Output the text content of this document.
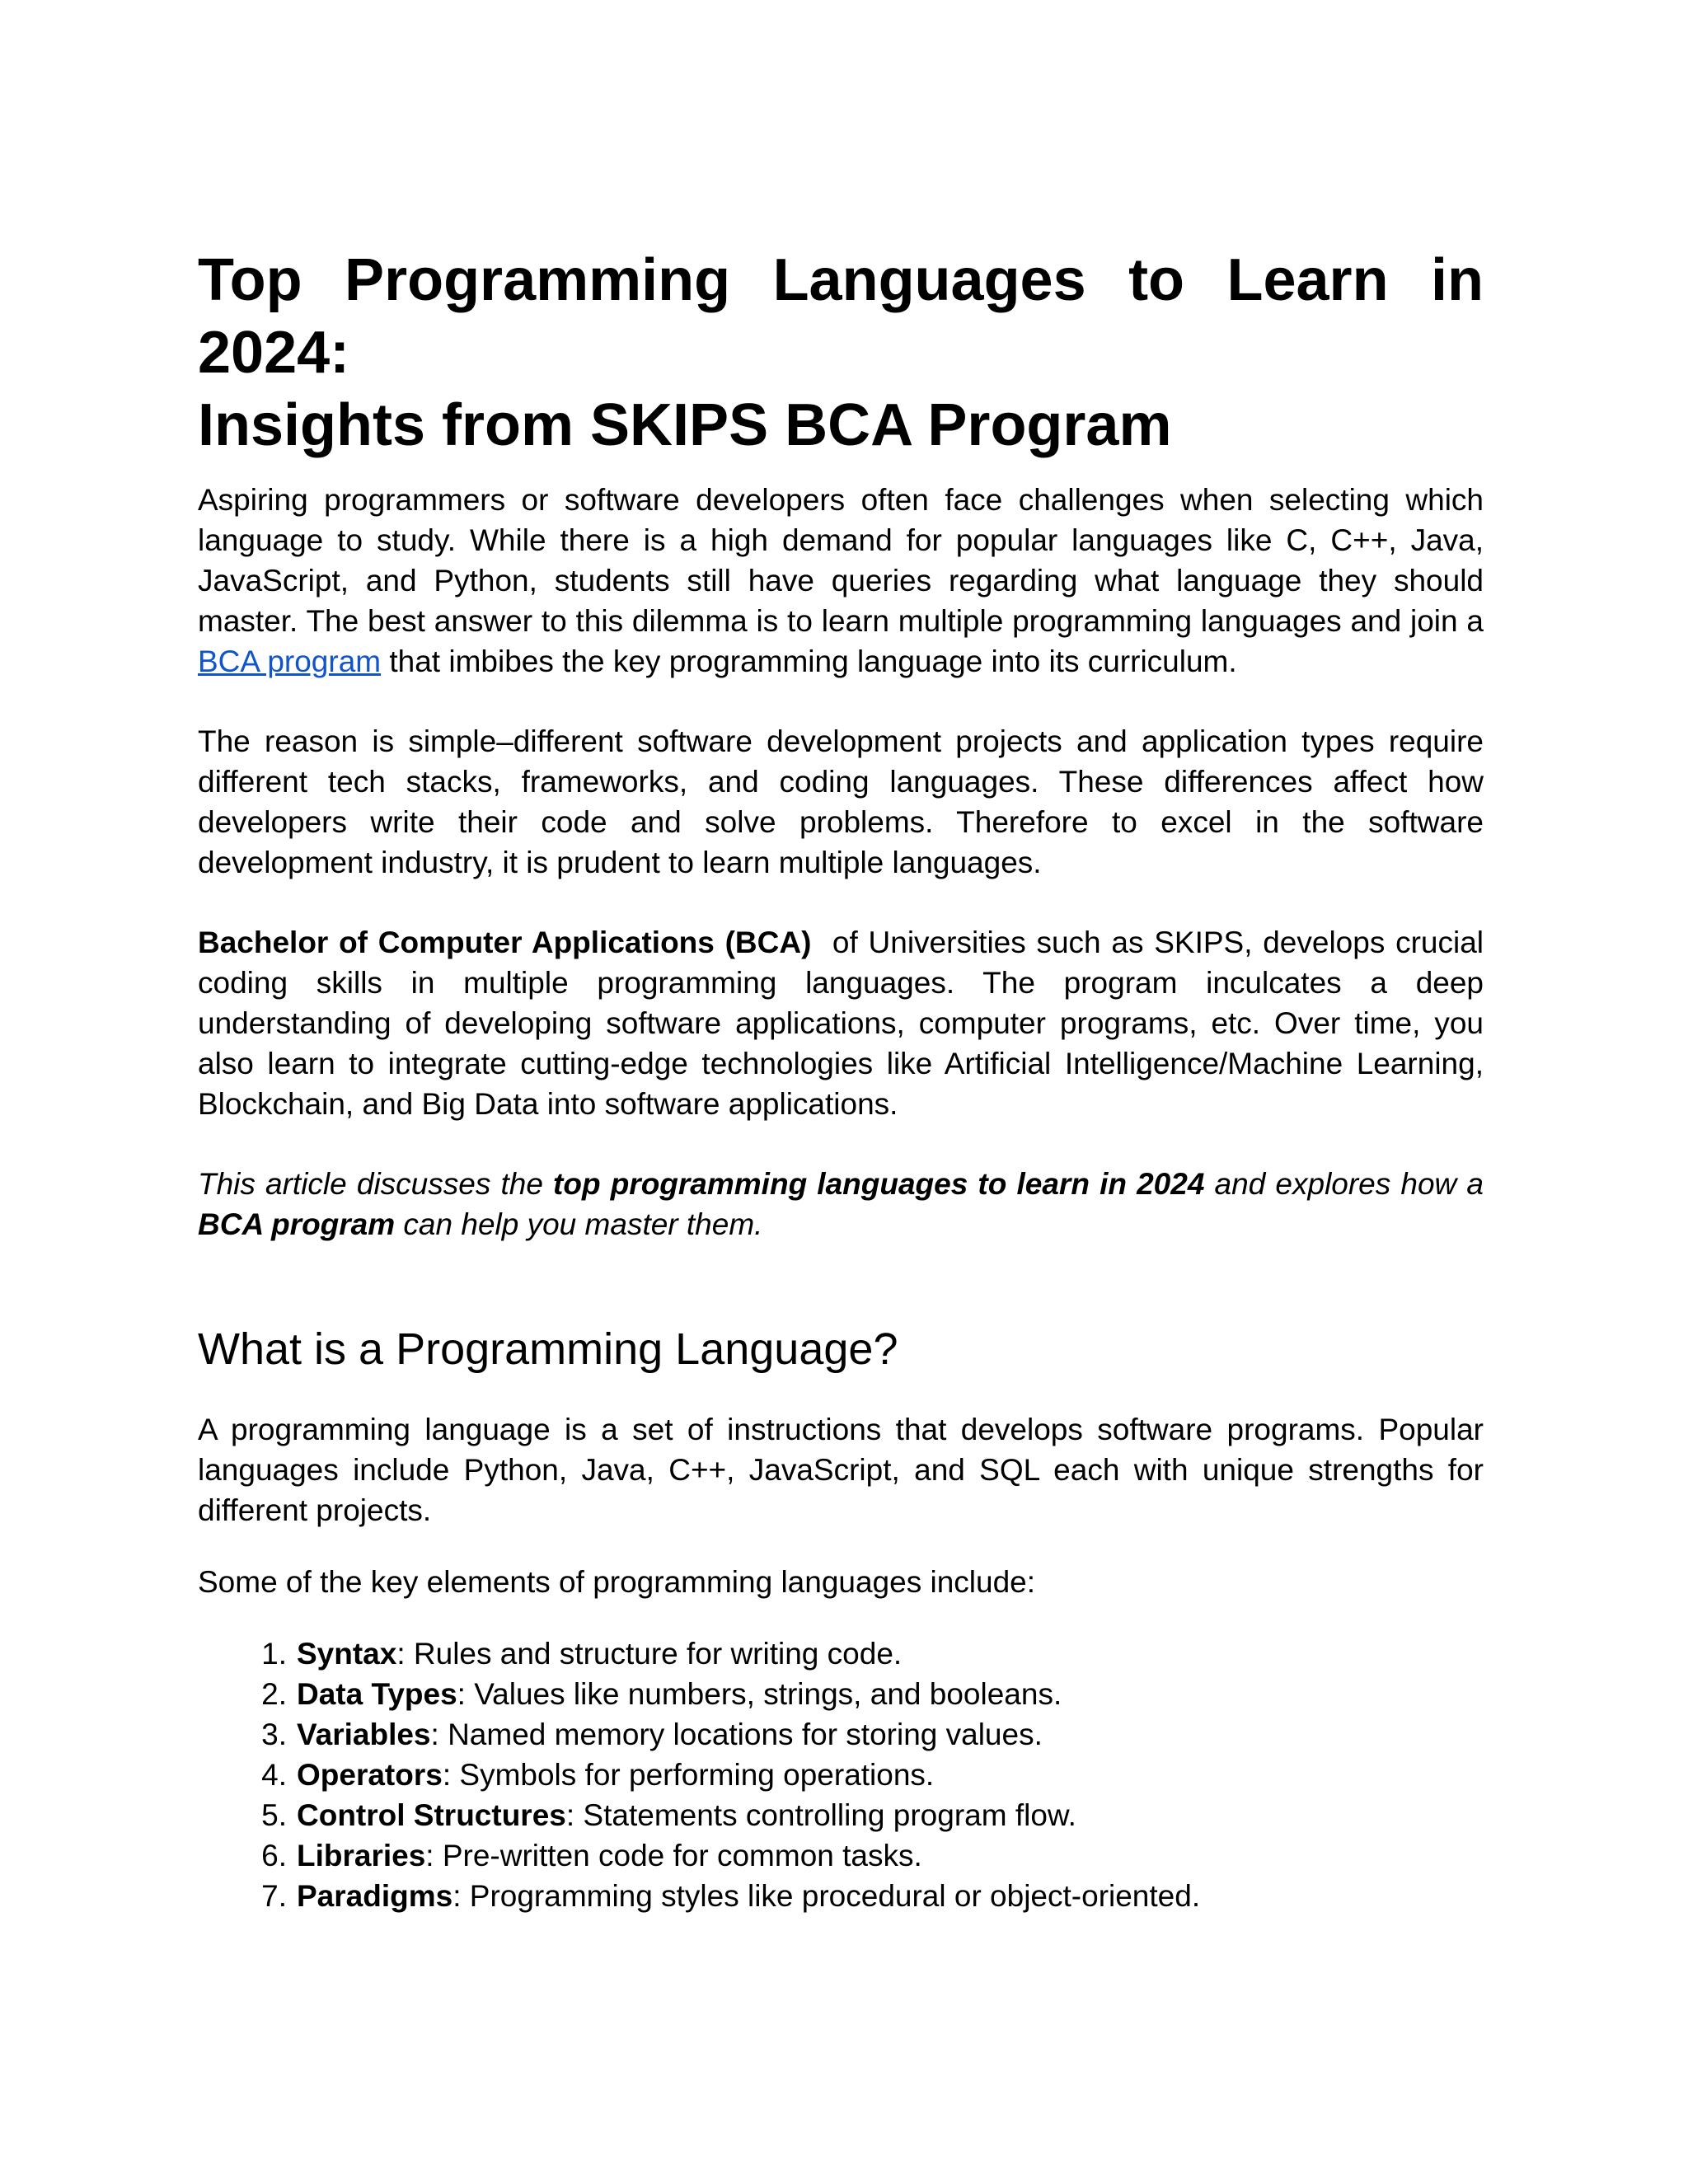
Top Programming Languages to Learn in 2024:
Insights from SKIPS BCA Program

Aspiring programmers or software developers often face challenges when selecting which language to study. While there is a high demand for popular languages like C, C++, Java, JavaScript, and Python, students still have queries regarding what language they should master. The best answer to this dilemma is to learn multiple programming languages and join a BCA program that imbibes the key programming language into its curriculum.

The reason is simple–different software development projects and application types require different tech stacks, frameworks, and coding languages. These differences affect how developers write their code and solve problems. Therefore to excel in the software development industry, it is prudent to learn multiple languages.

Bachelor of Computer Applications (BCA)  of Universities such as SKIPS, develops crucial coding skills in multiple programming languages. The program inculcates a deep understanding of developing software applications, computer programs, etc. Over time, you also learn to integrate cutting-edge technologies like Artificial Intelligence/Machine Learning, Blockchain, and Big Data into software applications.

This article discusses the top programming languages to learn in 2024 and explores how a BCA program can help you master them.

What is a Programming Language?

A programming language is a set of instructions that develops software programs. Popular languages include Python, Java, C++, JavaScript, and SQL each with unique strengths for different projects.

Some of the key elements of programming languages include:

1. Syntax: Rules and structure for writing code.
2. Data Types: Values like numbers, strings, and booleans.
3. Variables: Named memory locations for storing values.
4. Operators: Symbols for performing operations.
5. Control Structures: Statements controlling program flow.
6. Libraries: Pre-written code for common tasks.
7. Paradigms: Programming styles like procedural or object-oriented.
